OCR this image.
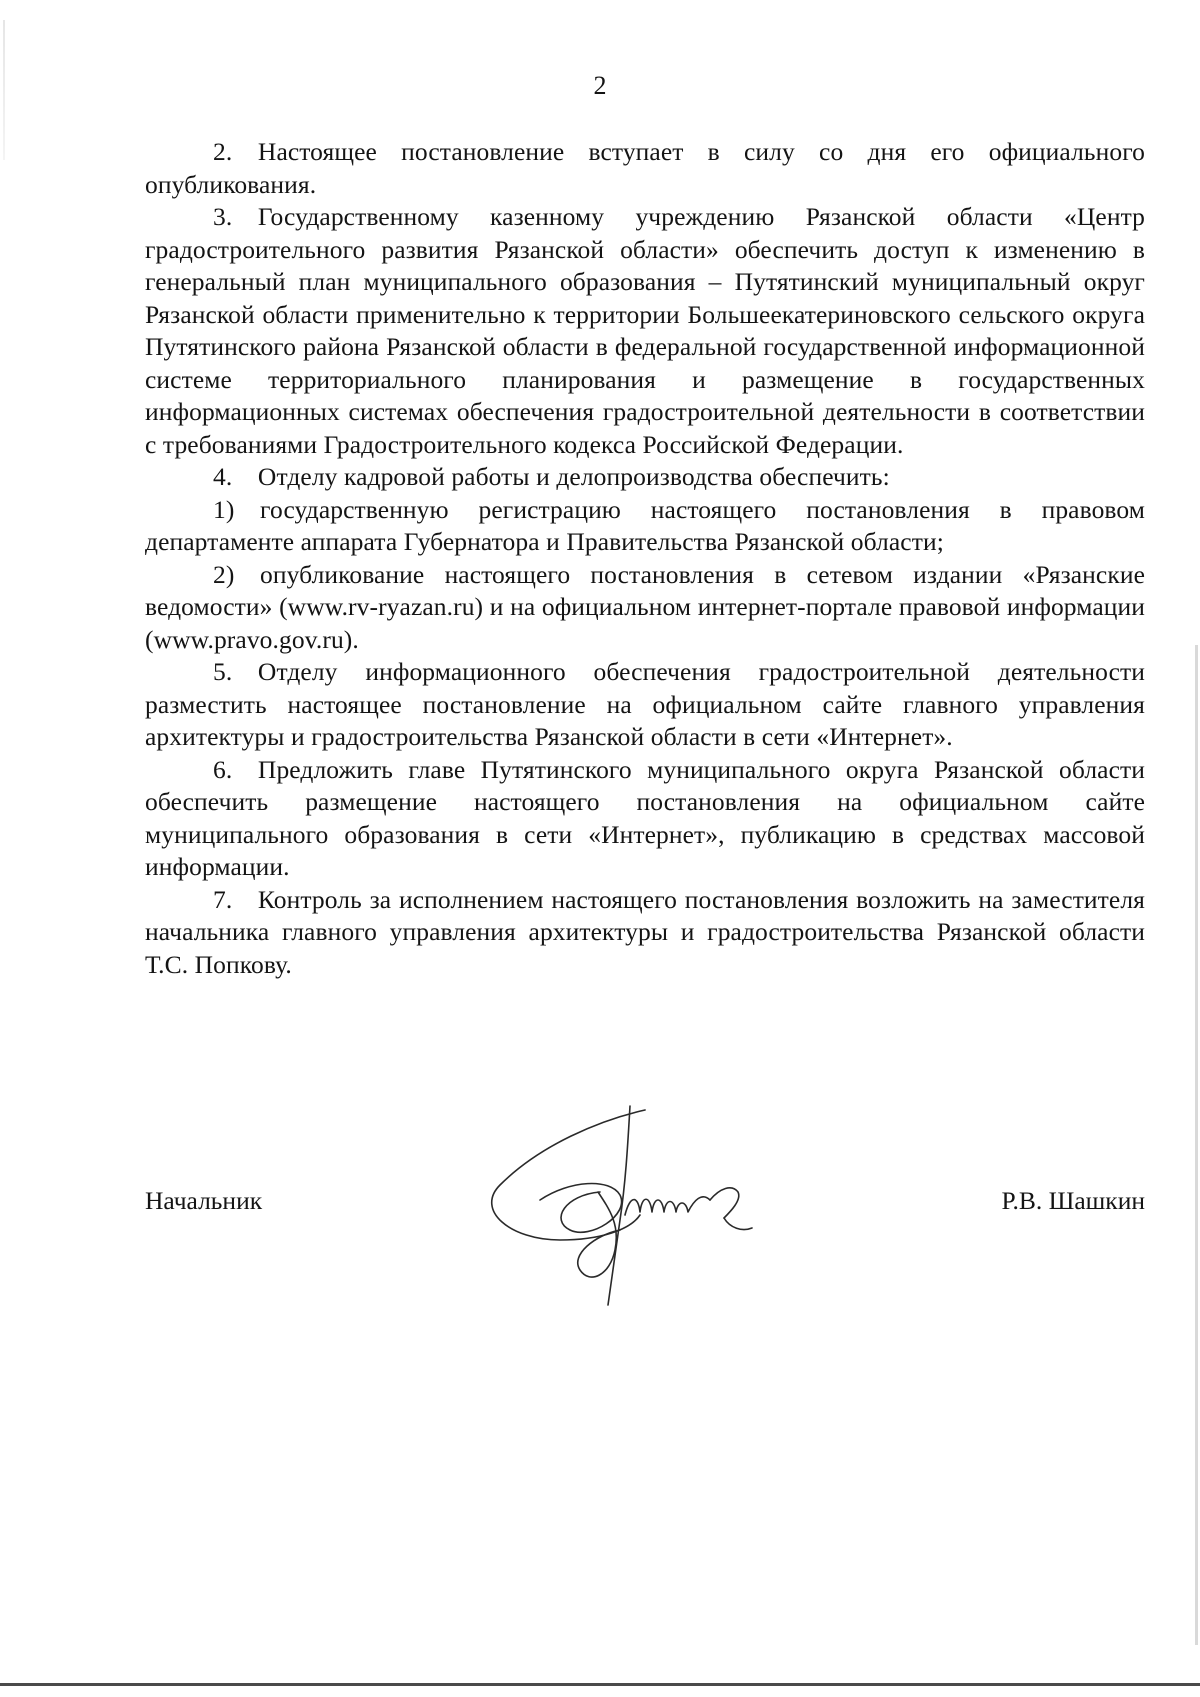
2

2. Настоящее постановление вступает в силу со дня его официального опубликования.

3. Государственному казенному учреждению Рязанской области «Центр градостроительного развития Рязанской области» обеспечить доступ к изменению в генеральный план муниципального образования – Путятинский муниципальный округ Рязанской области применительно к территории Большеекатериновского сельского округа Путятинского района Рязанской области в федеральной государственной информационной системе территориального планирования и размещение в государственных информационных системах обеспечения градостроительной деятельности в соответствии с требованиями Градостроительного кодекса Российской Федерации.

4. Отделу кадровой работы и делопроизводства обеспечить:

1) государственную регистрацию настоящего постановления в правовом департаменте аппарата Губернатора и Правительства Рязанской области;

2) опубликование настоящего постановления в сетевом издании «Рязанские ведомости» (www.rv-ryazan.ru) и на официальном интернет-портале правовой информации (www.pravo.gov.ru).

5. Отделу информационного обеспечения градостроительной деятельности разместить настоящее постановление на официальном сайте главного управления архитектуры и градостроительства Рязанской области в сети «Интернет».

6. Предложить главе Путятинского муниципального округа Рязанской области обеспечить размещение настоящего постановления на официальном сайте муниципального образования в сети «Интернет», публикацию в средствах массовой информации.

7. Контроль за исполнением настоящего постановления возложить на заместителя начальника главного управления архитектуры и градостроительства Рязанской области Т.С. Попкову.

Начальник	Р.В. Шашкин
